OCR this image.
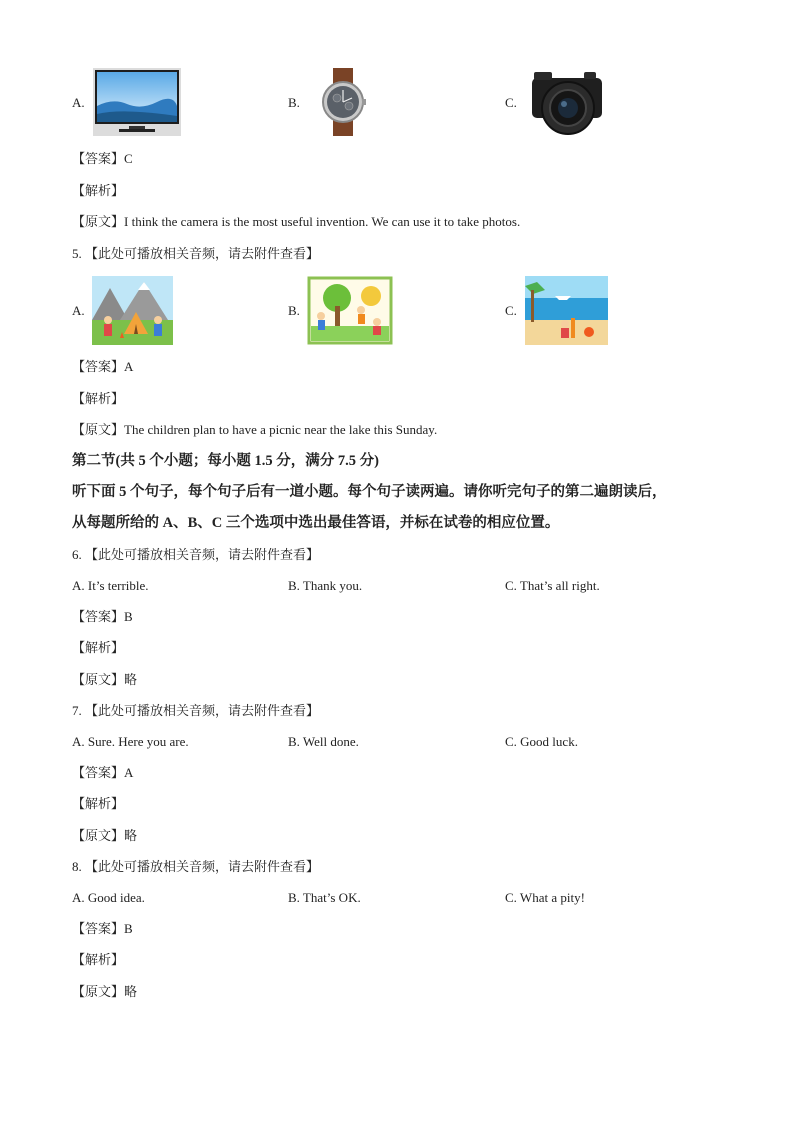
A.	B.	C.
【答案】C
【解析】
【原文】I think the camera is the most useful invention. We can use it to take photos.
5. 【此处可播放相关音频，请去附件查看】
A.	B.	C.
【答案】A
【解析】
【原文】The children plan to have a picnic near the lake this Sunday.
第二节(共 5 个小题；每小题 1.5 分，满分 7.5 分)
听下面 5 个句子，每个句子后有一道小题。每个句子读两遍。请你听完句子的第二遍朗读后，
从每题所给的 A、B、C 三个选项中选出最佳答语，并标在试卷的相应位置。
6. 【此处可播放相关音频，请去附件查看】
A. It’s terrible.	B. Thank you.	C. That’s all right.
【答案】B
【解析】
【原文】略
7. 【此处可播放相关音频，请去附件查看】
A. Sure. Here you are.	B. Well done.	C. Good luck.
【答案】A
【解析】
【原文】略
8. 【此处可播放相关音频，请去附件查看】
A. Good idea.	B. That’s OK.	C. What a pity!
【答案】B
【解析】
【原文】略
